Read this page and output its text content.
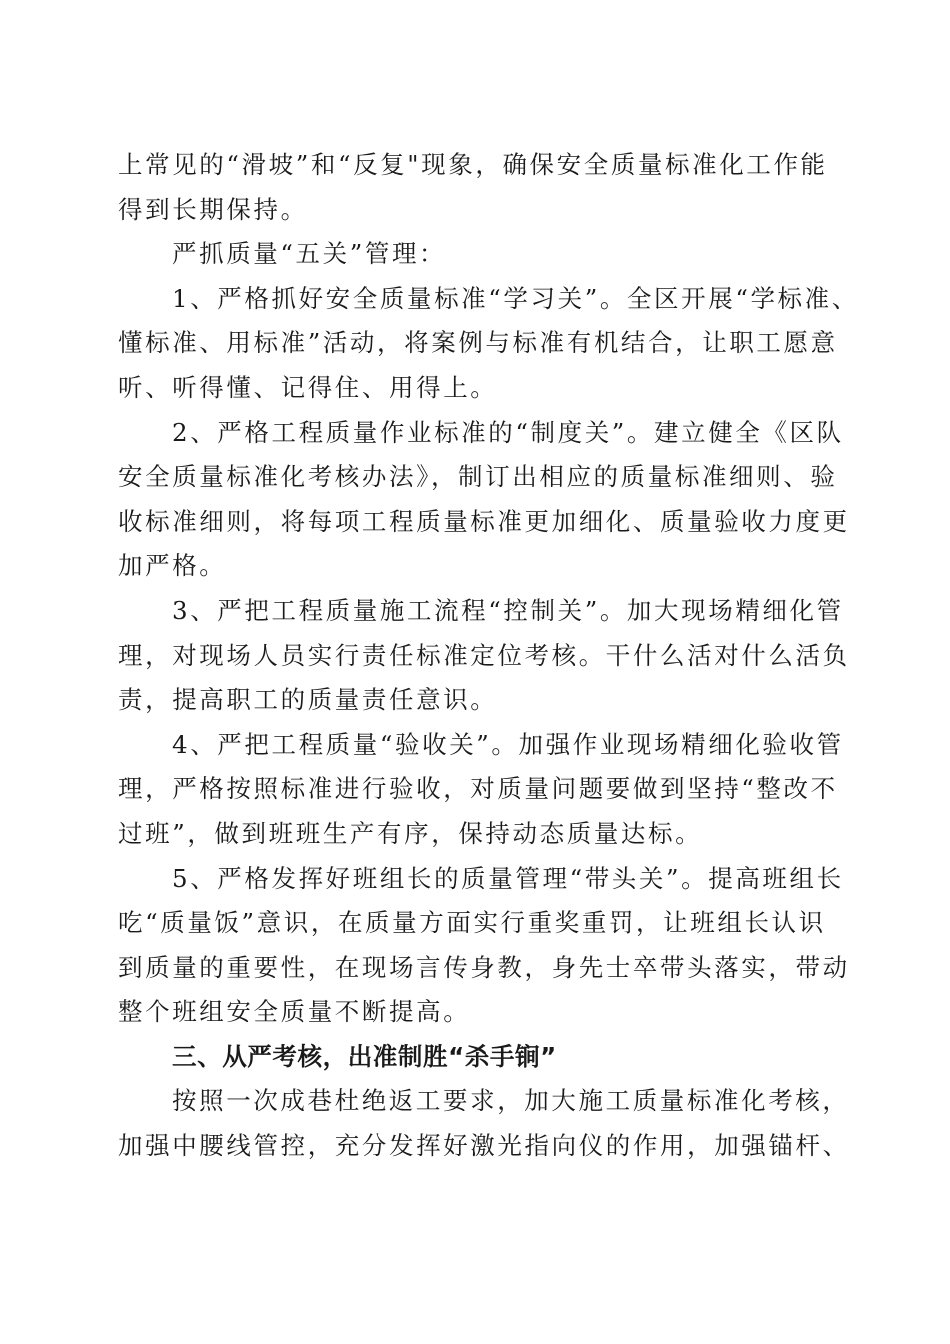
上常见的“滑坡”和“反复"现象，确保安全质量标准化工作能
得到长期保持。
严抓质量“五关”管理：
1、严格抓好安全质量标准“学习关”。全区开展“学标准、
懂标准、用标准”活动，将案例与标准有机结合，让职工愿意
听、听得懂、记得住、用得上。
2、严格工程质量作业标准的“制度关”。建立健全《区队
安全质量标准化考核办法》，制订出相应的质量标准细则、验
收标准细则，将每项工程质量标准更加细化、质量验收力度更
加严格。
3、严把工程质量施工流程“控制关”。加大现场精细化管
理，对现场人员实行责任标准定位考核。干什么活对什么活负
责，提高职工的质量责任意识。
4、严把工程质量“验收关”。加强作业现场精细化验收管
理，严格按照标准进行验收，对质量问题要做到坚持“整改不
过班”，做到班班生产有序，保持动态质量达标。
5、严格发挥好班组长的质量管理“带头关”。提高班组长
吃“质量饭”意识，在质量方面实行重奖重罚，让班组长认识
到质量的重要性，在现场言传身教，身先士卒带头落实，带动
整个班组安全质量不断提高。
三、从严考核，出准制胜“杀手锏”
按照一次成巷杜绝返工要求，加大施工质量标准化考核，
加强中腰线管控，充分发挥好激光指向仪的作用，加强锚杆、
